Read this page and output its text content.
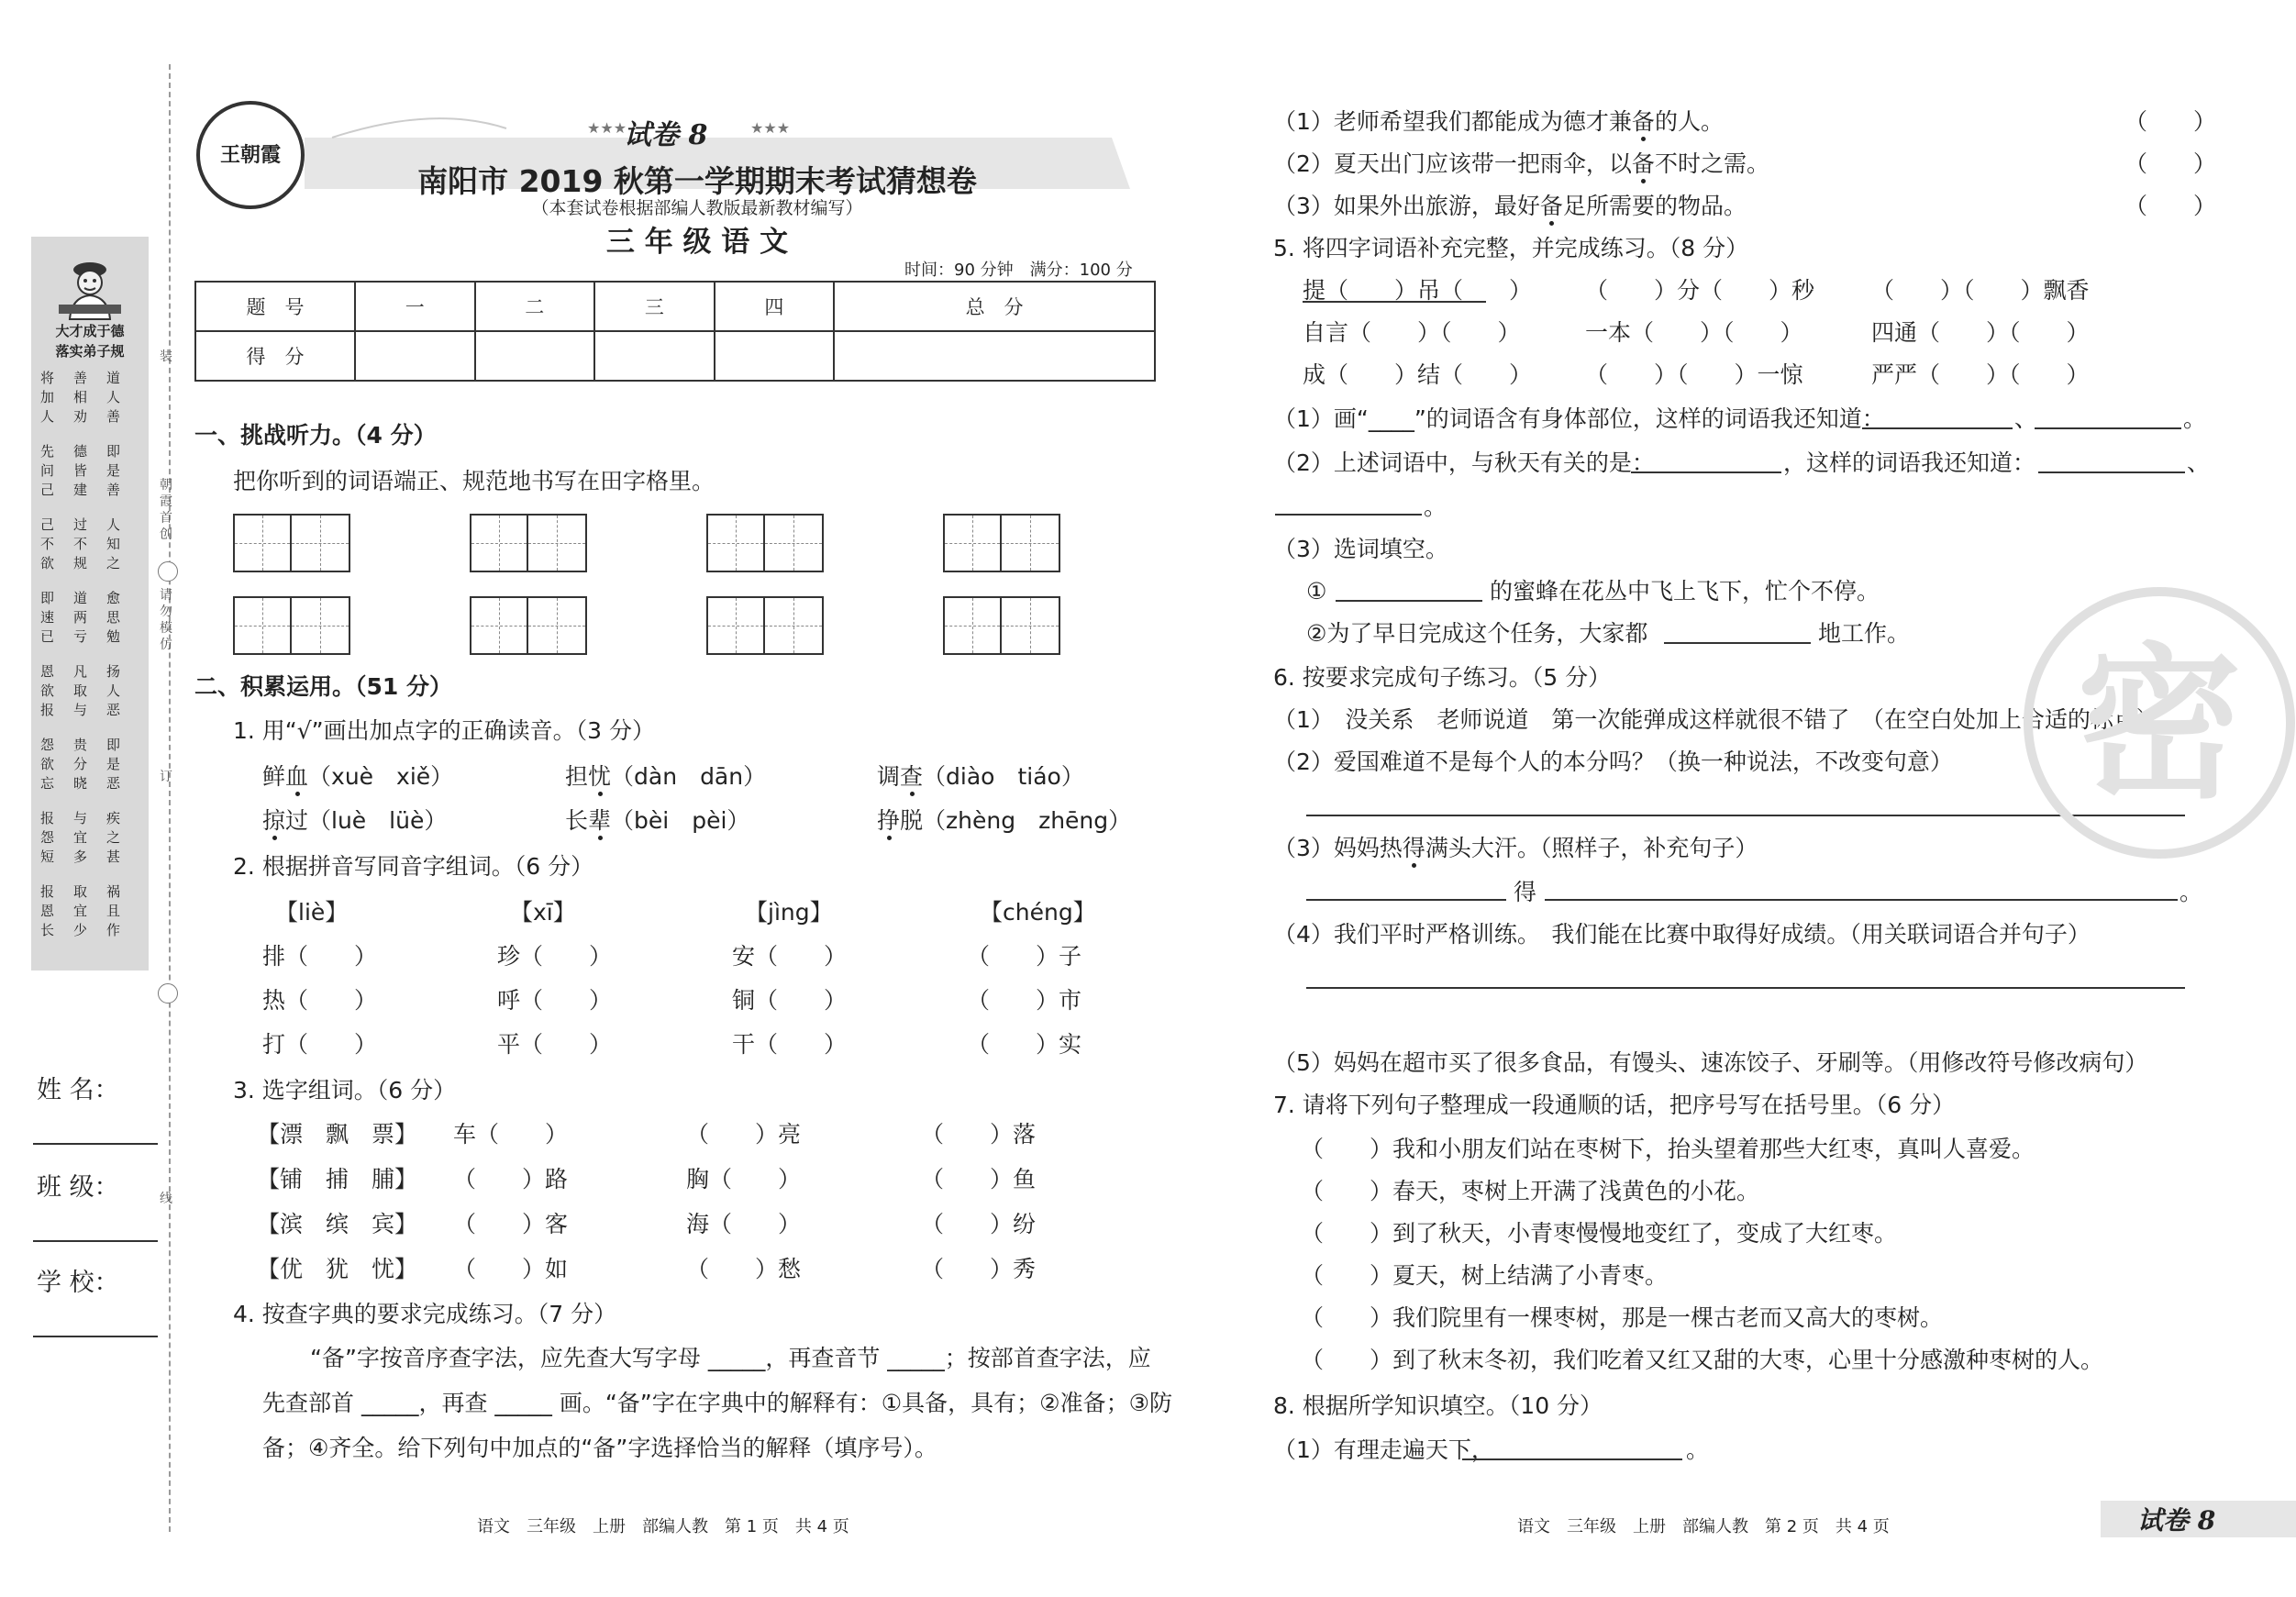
大才成于德
落实弟子规
将加人
善相劝
道人善
先问己
德皆建
即是善
己不欲
过不规
人知之
即速已
道两亏
愈思勉
恩欲报
凡取与
扬人恶
怨欲忘
贵分晓
即是恶
报怨短
与宜多
疾之甚
报恩长
取宜少
祸且作
装
朝霞首创
请勿模仿
订
线
姓 名：
班 级：
学 校：
王朝霞
试卷 8
★★★	★★★
南阳市 2019 秋第一学期期末考试猜想卷
（本套试卷根据部编人教版最新教材编写）
三 年 级 语 文
时间：90 分钟　满分：100 分
题　号	一	二	三	四	总　分
得　分					
一、挑战听力。（4 分）
把你听到的词语端正、规范地书写在田字格里。
二、积累运用。（51 分）
1. 用“√”画出加点字的正确读音。（3 分）
鲜血（xuè　xiě）	担忧（dàn　dān）	调查（diào　tiáo）
掠过（luè　lüè）	长辈（bèi　pèi）	挣脱（zhèng　zhēng）
2. 根据拼音写同音字组词。（6 分）
【liè】	【xī】	【jìng】	【chéng】
排（　　）	珍（　　）	安（　　）	（　　）子
热（　　）	呼（　　）	铜（　　）	（　　）市
打（　　）	平（　　）	干（　　）	（　　）实
3. 选字组词。（6 分）
【漂　飘　票】 车（　　）	（　　）亮	（　　）落
【铺　捕　脯】 （　　）路	胸（　　）	（　　）鱼
【滨　缤　宾】 （　　）客	海（　　）	（　　）纷
【优　犹　忧】 （　　）如	（　　）愁	（　　）秀
4. 按查字典的要求完成练习。（7 分）
“备”字按音序查字法，应先查大写字母 _____，再查音节 _____；按部首查字法，应
先查部首 _____，再查 _____ 画。“备”字在字典中的解释有：①具备，具有；②准备；③防
备；④齐全。给下列句中加点的“备”字选择恰当的解释（填序号）。
语文　三年级　上册　部编人教　第 1 页　共 4 页
（1）老师希望我们都能成为德才兼备的人。	（　　）
（2）夏天出门应该带一把雨伞，以备不时之需。	（　　）
（3）如果外出旅游，最好备足所需要的物品。	（　　）
5. 将四字词语补充完整，并完成练习。（8 分）
提（　　）吊（　　） （　　）分（　　）秒 （　　）（　　）飘香
自言（　　）（　　）	一本（　　）（　　）	四通（　　）（　　）
成（　　）结（　　） （　　）（　　）一惊	严严（　　）（　　）
（1）画“____”的词语含有身体部位，这样的词语我还知道：	、	。
（2）上述词语中，与秋天有关的是：	，这样的词语我还知道：	、
。
（3）选词填空。
①	的蜜蜂在花丛中飞上飞下，忙个不停。
②为了早日完成这个任务，大家都	地工作。
6. 按要求完成句子练习。（5 分）
（1）　没关系　老师说道　第一次能弹成这样就很不错了　（在空白处加上合适的标点）
（2）爱国难道不是每个人的本分吗？（换一种说法，不改变句意）
（3）妈妈热得满头大汗。（照样子，补充句子）
得	。
（4）我们平时严格训练。　我们能在比赛中取得好成绩。（用关联词语合并句子）
（5）妈妈在超市买了很多食品，有馒头、速冻饺子、牙刷等。（用修改符号修改病句）
7. 请将下列句子整理成一段通顺的话，把序号写在括号里。（6 分）
（　　）我和小朋友们站在枣树下，抬头望着那些大红枣，真叫人喜爱。
（　　）春天，枣树上开满了浅黄色的小花。
（　　）到了秋天，小青枣慢慢地变红了，变成了大红枣。
（　　）夏天，树上结满了小青枣。
（　　）我们院里有一棵枣树，那是一棵古老而又高大的枣树。
（　　）到了秋末冬初，我们吃着又红又甜的大枣，心里十分感激种枣树的人。
8. 根据所学知识填空。（10 分）
（1）有理走遍天下，	。
密
语文　三年级　上册　部编人教　第 2 页　共 4 页	试卷 8
